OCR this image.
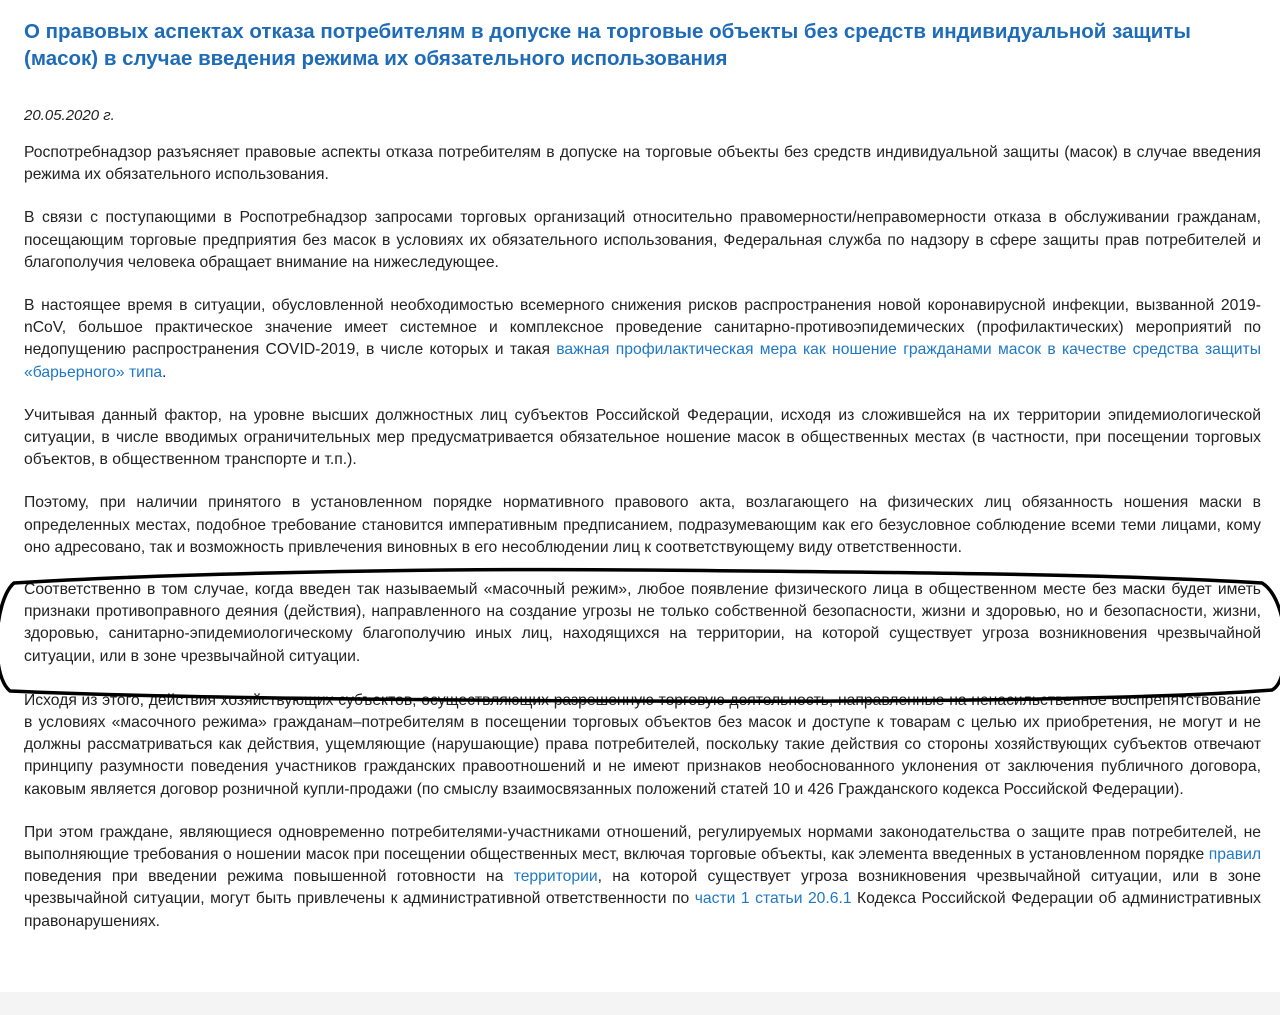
О правовых аспектах отказа потребителям в допуске на торговые объекты без средств индивидуальной защиты (масок) в случае введения режима их обязательного использования

20.05.2020 г.

Роспотребнадзор разъясняет правовые аспекты отказа потребителям в допуске на торговые объекты без средств индивидуальной защиты (масок) в случае введения режима их обязательного использования.

В связи с поступающими в Роспотребнадзор запросами торговых организаций относительно правомерности/неправомерности отказа в обслуживании гражданам, посещающим торговые предприятия без масок в условиях их обязательного использования, Федеральная служба по надзору в сфере защиты прав потребителей и благополучия человека обращает внимание на нижеследующее.

В настоящее время в ситуации, обусловленной необходимостью всемерного снижения рисков распространения новой коронавирусной инфекции, вызванной 2019-nCoV, большое практическое значение имеет системное и комплексное проведение санитарно-противоэпидемических (профилактических) мероприятий по недопущению распространения COVID-2019, в числе которых и такая важная профилактическая мера как ношение гражданами масок в качестве средства защиты «барьерного» типа.

Учитывая данный фактор, на уровне высших должностных лиц субъектов Российской Федерации, исходя из сложившейся на их территории эпидемиологической ситуации, в числе вводимых ограничительных мер предусматривается обязательное ношение масок в общественных местах (в частности, при посещении торговых объектов, в общественном транспорте и т.п.).

Поэтому, при наличии принятого в установленном порядке нормативного правового акта, возлагающего на физических лиц обязанность ношения маски в определенных местах, подобное требование становится императивным предписанием, подразумевающим как его безусловное соблюдение всеми теми лицами, кому оно адресовано, так и возможность привлечения виновных в его несоблюдении лиц к соответствующему виду ответственности.

Соответственно в том случае, когда введен так называемый «масочный режим», любое появление физического лица в общественном месте без маски будет иметь признаки противоправного деяния (действия), направленного на создание угрозы не только собственной безопасности, жизни и здоровью, но и безопасности, жизни, здоровью, санитарно-эпидемиологическому благополучию иных лиц, находящихся на территории, на которой существует угроза возникновения чрезвычайной ситуации, или в зоне чрезвычайной ситуации.

Исходя из этого, действия хозяйствующих субъектов, осуществляющих разрешенную торговую деятельность, направленные на ненасильственное воспрепятствование в условиях «масочного режима» гражданам–потребителям в посещении торговых объектов без масок и доступе к товарам с целью их приобретения, не могут и не должны рассматриваться как действия, ущемляющие (нарушающие) права потребителей, поскольку такие действия со стороны хозяйствующих субъектов отвечают принципу разумности поведения участников гражданских правоотношений и не имеют признаков необоснованного уклонения от заключения публичного договора, каковым является договор розничной купли-продажи (по смыслу взаимосвязанных положений статей 10 и 426 Гражданского кодекса Российской Федерации).

При этом граждане, являющиеся одновременно потребителями-участниками отношений, регулируемых нормами законодательства о защите прав потребителей, не выполняющие требования о ношении масок при посещении общественных мест, включая торговые объекты, как элемента введенных в установленном порядке правил поведения при введении режима повышенной готовности на территории, на которой существует угроза возникновения чрезвычайной ситуации, или в зоне чрезвычайной ситуации, могут быть привлечены к административной ответственности по части 1 статьи 20.6.1 Кодекса Российской Федерации об административных правонарушениях.
